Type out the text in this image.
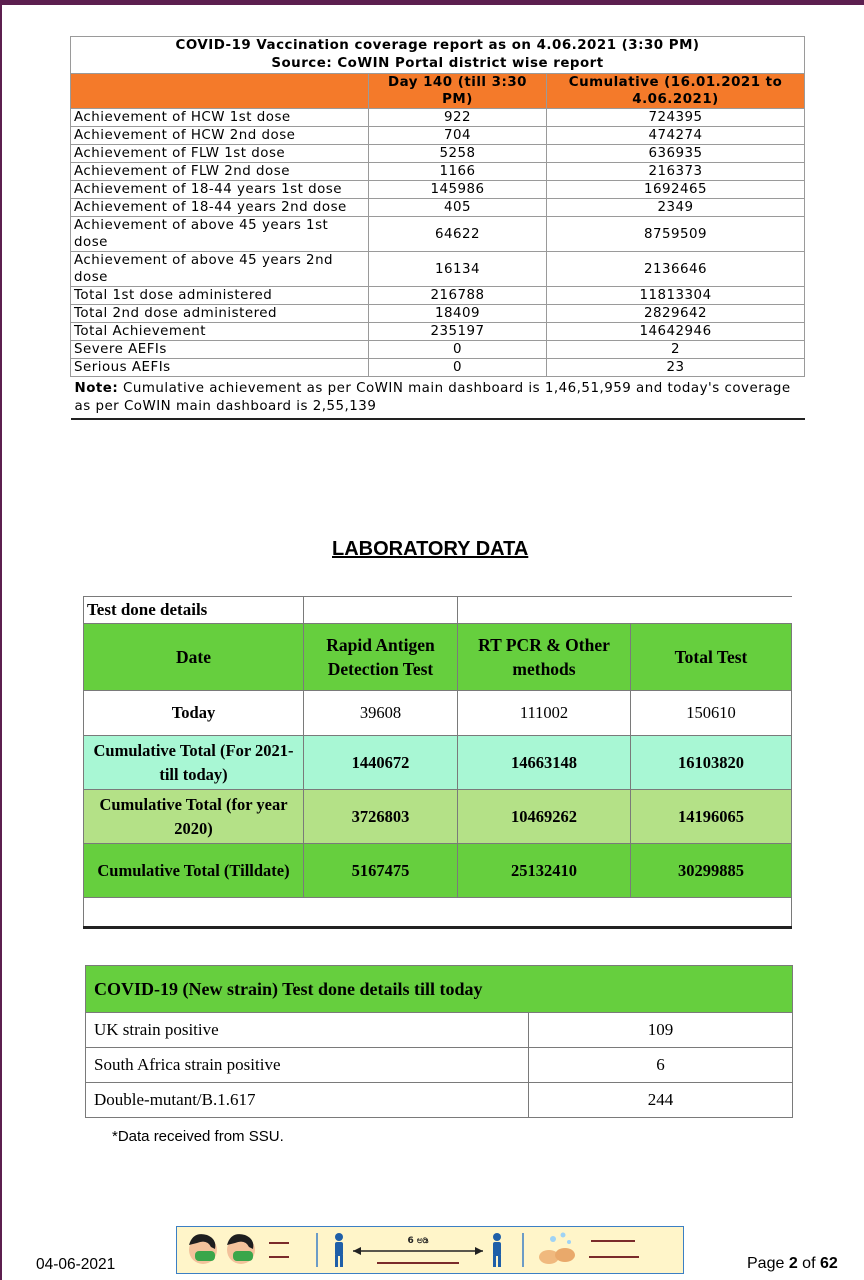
COVID-19 Vaccination coverage report as on 4.06.2021 (3:30 PM)
Source: CoWIN Portal district wise report		

	Day 140 (till 3:30 PM)	Cumulative (16.01.2021 to 4.06.2021)
Achievement of HCW 1st dose	922	724395
Achievement of HCW 2nd dose	704	474274
Achievement of FLW 1st dose	5258	636935
Achievement of FLW 2nd dose	1166	216373
Achievement of 18-44 years 1st dose	145986	1692465
Achievement of 18-44 years 2nd dose	405	2349
Achievement of above 45 years 1st dose	64622	8759509
Achievement of above 45 years 2nd dose	16134	2136646
Total 1st dose administered	216788	11813304
Total 2nd dose administered	18409	2829642
Total Achievement	235197	14642946
Severe AEFIs	0	2
Serious AEFIs	0	23
Note: Cumulative achievement as per CoWIN main dashboard is 1,46,51,959 and today's coverage as per CoWIN main dashboard is 2,55,139		
LABORATORY DATA
Test done details			
Date	Rapid Antigen Detection Test	RT PCR & Other methods	Total Test
Today	39608	111002	150610
Cumulative Total (For 2021- till today)	1440672	14663148	16103820
Cumulative Total (for year 2020)	3726803	10469262	14196065
Cumulative Total (Tilldate)	5167475	25132410	30299885

COVID-19 (New strain) Test done details till today	
UK strain positive	109
South Africa strain positive	6
Double-mutant/B.1.617	244
*Data received from SSU.
04-06-2021
6 ಅಡಿ
Page 2 of 62
